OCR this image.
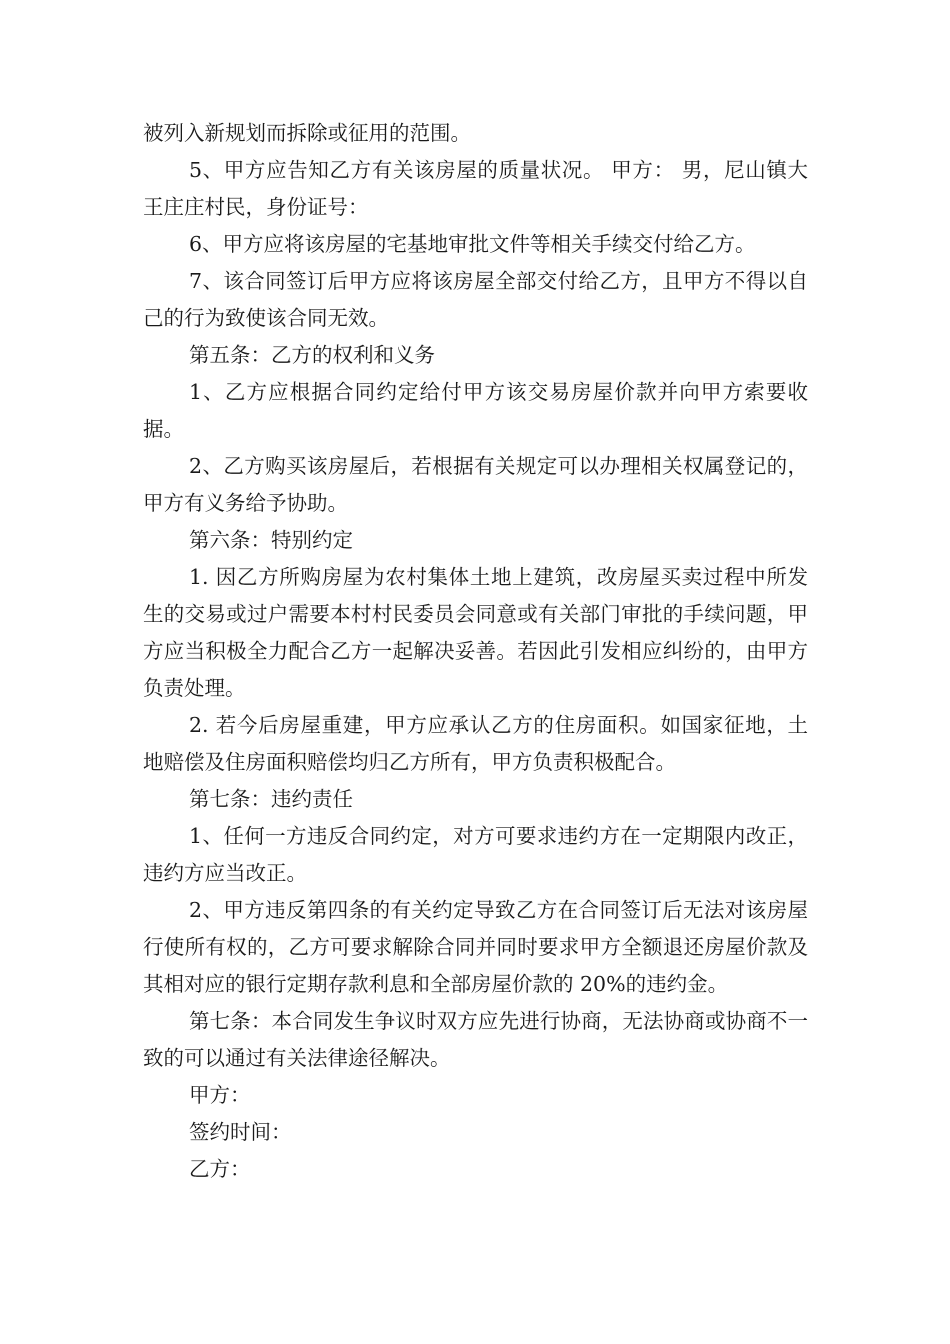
被列入新规划而拆除或征用的范围。

5、甲方应告知乙方有关该房屋的质量状况。 甲方： 男，尼山镇大王庄庄村民，身份证号：

6、甲方应将该房屋的宅基地审批文件等相关手续交付给乙方。

7、该合同签订后甲方应将该房屋全部交付给乙方，且甲方不得以自己的行为致使该合同无效。

第五条：乙方的权利和义务

1、乙方应根据合同约定给付甲方该交易房屋价款并向甲方索要收据。

2、乙方购买该房屋后，若根据有关规定可以办理相关权属登记的，甲方有义务给予协助。

第六条：特别约定

1. 因乙方所购房屋为农村集体土地上建筑，改房屋买卖过程中所发生的交易或过户需要本村村民委员会同意或有关部门审批的手续问题，甲方应当积极全力配合乙方一起解决妥善。若因此引发相应纠纷的，由甲方负责处理。

2. 若今后房屋重建，甲方应承认乙方的住房面积。如国家征地，土地赔偿及住房面积赔偿均归乙方所有，甲方负责积极配合。

第七条：违约责任

1、任何一方违反合同约定，对方可要求违约方在一定期限内改正，违约方应当改正。

2、甲方违反第四条的有关约定导致乙方在合同签订后无法对该房屋行使所有权的，乙方可要求解除合同并同时要求甲方全额退还房屋价款及其相对应的银行定期存款利息和全部房屋价款的 20%的违约金。

第七条：本合同发生争议时双方应先进行协商，无法协商或协商不一致的可以通过有关法律途径解决。

甲方：

签约时间：

乙方：
